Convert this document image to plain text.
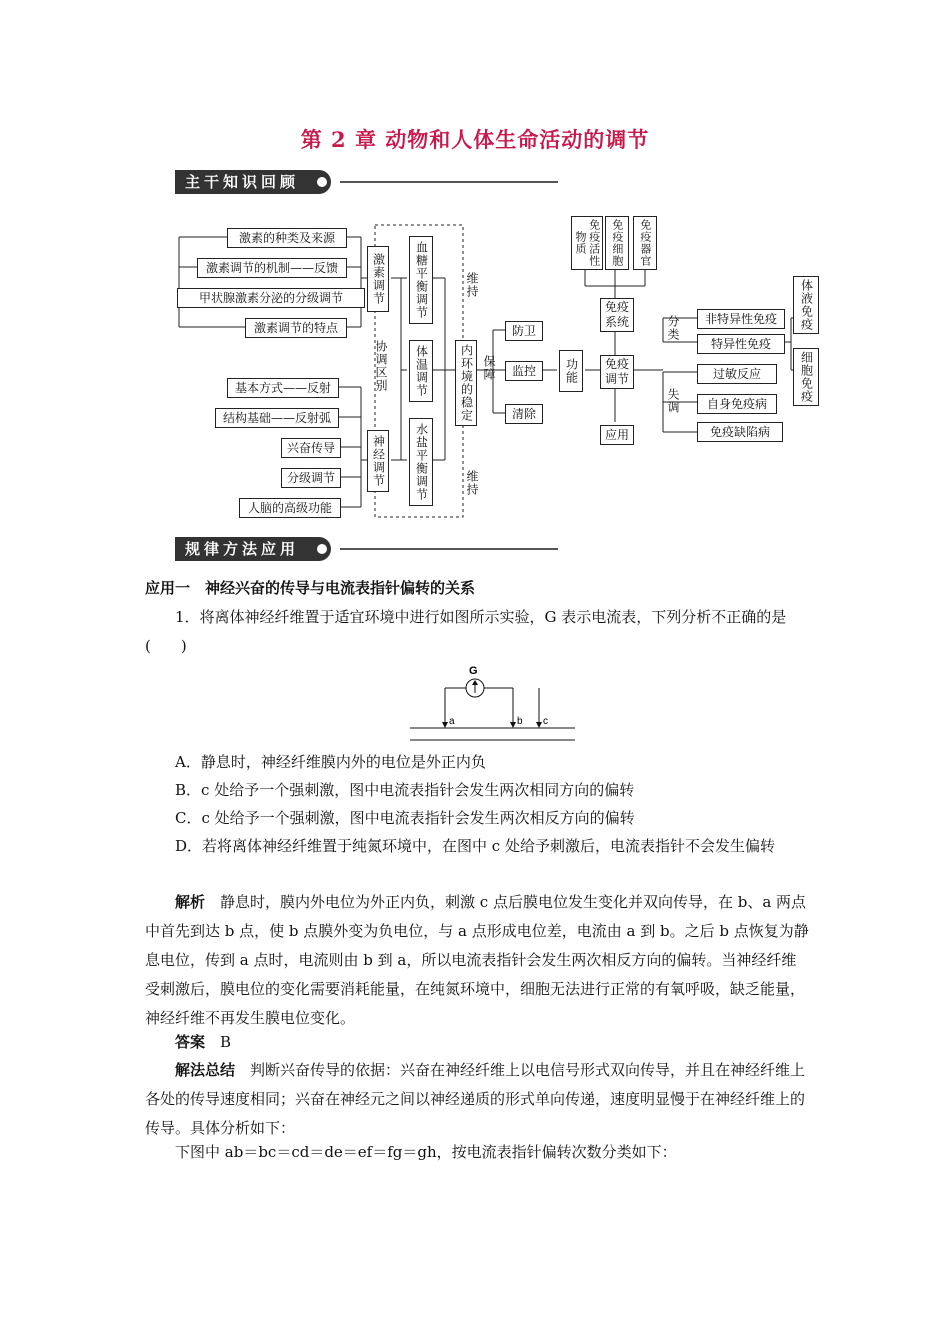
第 2 章 动物和人体生命活动的调节
主干知识回顾
激素的种类及来源
激素调节的机制——反馈
甲状腺激素分泌的分级调节
激素调节的特点
基本方式——反射
结构基础——反射弧
兴奋传导
分级调节
人脑的高级功能
激素调节
神经调节
协调区别
血糖平衡调节
体温调节
水盐平衡调节
维持
维持
内环境的稳定 保障
防卫
监控
清除
功能
免疫活性物质	免疫细胞	免疫器官
免疫系统
免疫调节
应用
分类
失调
非特异性免疫
特异性免疫
过敏反应
自身免疫病
免疫缺陷病
体液免疫
细胞免疫
规律方法应用
应用一　神经兴奋的传导与电流表指针偏转的关系
1．将离体神经纤维置于适宜环境中进行如图所示实验，G 表示电流表，下列分析不正确的是(　　)
G
a	b c
A．静息时，神经纤维膜内外的电位是外正内负
B．c 处给予一个强刺激，图中电流表指针会发生两次相同方向的偏转
C．c 处给予一个强刺激，图中电流表指针会发生两次相反方向的偏转
D．若将离体神经纤维置于纯氮环境中，在图中 c 处给予刺激后，电流表指针不会发生偏转
解析　 静息时，膜内外电位为外正内负，刺激 c 点后膜电位发生变化并双向传导，在 b、a 两点中首先到达 b 点，使 b 点膜外变为负电位，与 a 点形成电位差，电流由 a 到 b。之后 b 点恢复为静息电位，传到 a 点时，电流则由 b 到 a，所以电流表指针会发生两次相反方向的偏转。当神经纤维受刺激后，膜电位的变化需要消耗能量，在纯氮环境中，细胞无法进行正常的有氧呼吸，缺乏能量，神经纤维不再发生膜电位变化。
答案　 B
解法总结　 判断兴奋传导的依据：兴奋在神经纤维上以电信号形式双向传导，并且在神经纤维上各处的传导速度相同；兴奋在神经元之间以神经递质的形式单向传递，速度明显慢于在神经纤维上的传导。具体分析如下：
下图中 ab＝bc＝cd＝de＝ef＝fg＝gh，按电流表指针偏转次数分类如下：
